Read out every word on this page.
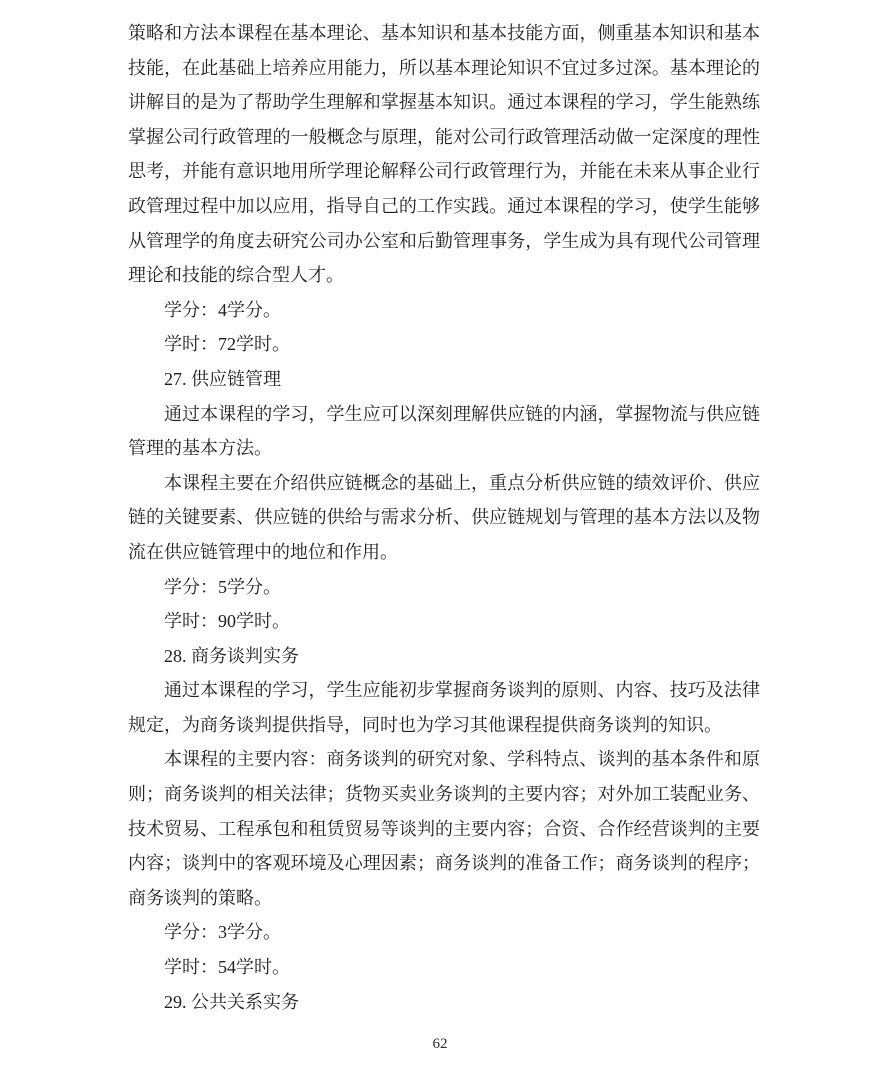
策略和方法本课程在基本理论、基本知识和基本技能方面，侧重基本知识和基本技能，在此基础上培养应用能力，所以基本理论知识不宜过多过深。基本理论的讲解目的是为了帮助学生理解和掌握基本知识。通过本课程的学习，学生能熟练掌握公司行政管理的一般概念与原理，能对公司行政管理活动做一定深度的理性思考，并能有意识地用所学理论解释公司行政管理行为，并能在未来从事企业行政管理过程中加以应用，指导自己的工作实践。通过本课程的学习，使学生能够从管理学的角度去研究公司办公室和后勤管理事务，学生成为具有现代公司管理理论和技能的综合型人才。
学分：4学分。
学时：72学时。
27. 供应链管理
通过本课程的学习，学生应可以深刻理解供应链的内涵，掌握物流与供应链管理的基本方法。
本课程主要在介绍供应链概念的基础上，重点分析供应链的绩效评价、供应链的关键要素、供应链的供给与需求分析、供应链规划与管理的基本方法以及物流在供应链管理中的地位和作用。
学分：5学分。
学时：90学时。
28. 商务谈判实务
通过本课程的学习，学生应能初步掌握商务谈判的原则、内容、技巧及法律规定，为商务谈判提供指导，同时也为学习其他课程提供商务谈判的知识。
本课程的主要内容：商务谈判的研究对象、学科特点、谈判的基本条件和原则；商务谈判的相关法律；货物买卖业务谈判的主要内容；对外加工装配业务、技术贸易、工程承包和租赁贸易等谈判的主要内容；合资、合作经营谈判的主要内容；谈判中的客观环境及心理因素；商务谈判的准备工作；商务谈判的程序；商务谈判的策略。
学分：3学分。
学时：54学时。
29. 公共关系实务
62
